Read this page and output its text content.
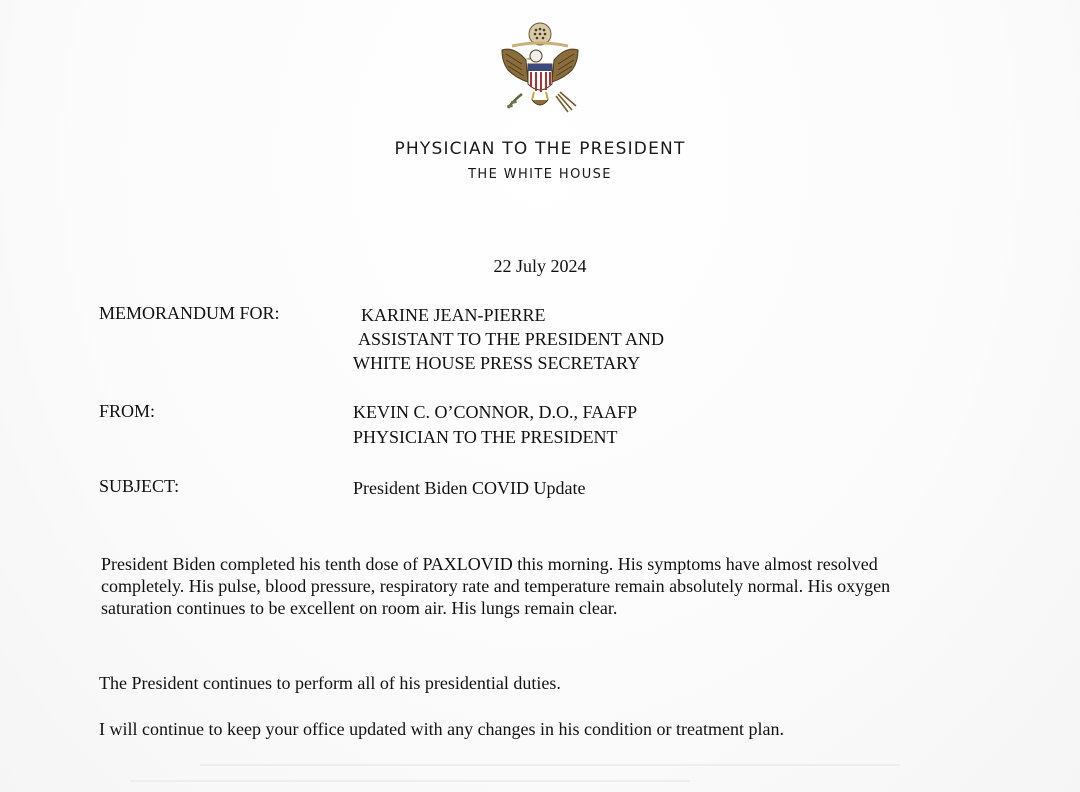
PHYSICIAN TO THE PRESIDENT
THE WHITE HOUSE
22 July 2024
MEMORANDUM FOR:	KARINE JEAN-PIERRE
ASSISTANT TO THE PRESIDENT AND
WHITE HOUSE PRESS SECRETARY
FROM:	KEVIN C. O’CONNOR, D.O., FAAFP
PHYSICIAN TO THE PRESIDENT
SUBJECT:	President Biden COVID Update
President Biden completed his tenth dose of PAXLOVID this morning. His symptoms have almost resolved completely. His pulse, blood pressure, respiratory rate and temperature remain absolutely normal. His oxygen saturation continues to be excellent on room air. His lungs remain clear.
The President continues to perform all of his presidential duties.
I will continue to keep your office updated with any changes in his condition or treatment plan.
